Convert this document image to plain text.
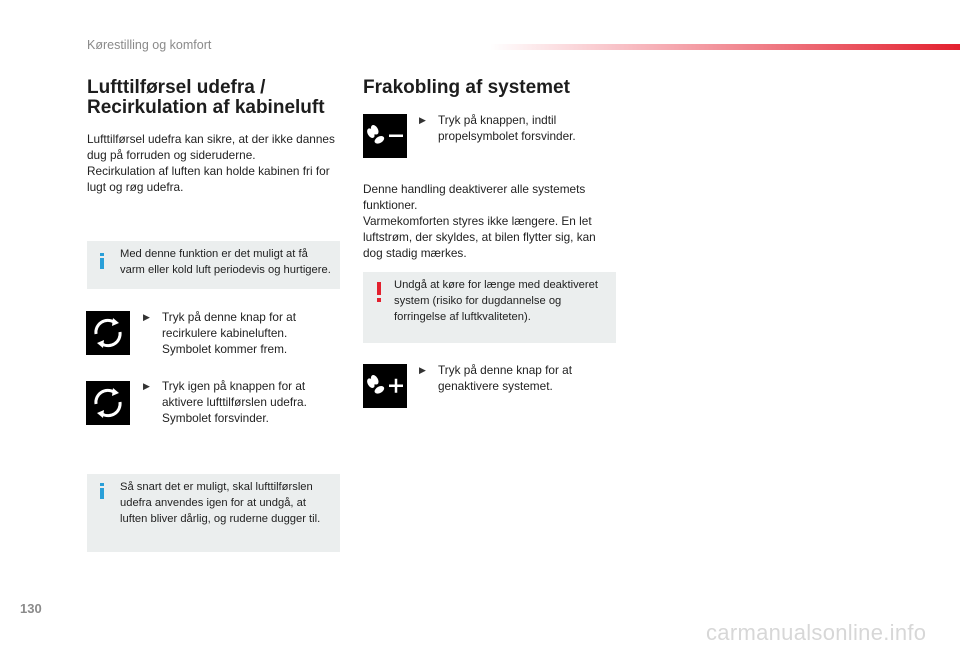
Kørestilling og komfort
Lufttilførsel udefra /
Recirkulation af kabineluft
Lufttilførsel udefra kan sikre, at der ikke dannes
dug på forruden og sideruderne.
Recirkulation af luften kan holde kabinen fri for
lugt og røg udefra.
Med denne funktion er det muligt at få
varm eller kold luft periodevis og hurtigere.
▶ Tryk på denne knap for at
recirkulere kabineluften.
Symbolet kommer frem.
▶ Tryk igen på knappen for at
aktivere lufttilførslen udefra.
Symbolet forsvinder.
Så snart det er muligt, skal lufttilførslen
udefra anvendes igen for at undgå, at
luften bliver dårlig, og ruderne dugger til.
Frakobling af systemet
▶ Tryk på knappen, indtil
propelsymbolet forsvinder.
Denne handling deaktiverer alle systemets
funktioner.
Varmekomforten styres ikke længere. En let
luftstrøm, der skyldes, at bilen flytter sig, kan
dog stadig mærkes.
Undgå at køre for længe med deaktiveret
system (risiko for dugdannelse og
forringelse af luftkvaliteten).
▶ Tryk på denne knap for at
genaktivere systemet.
130
carmanualsonline.info
